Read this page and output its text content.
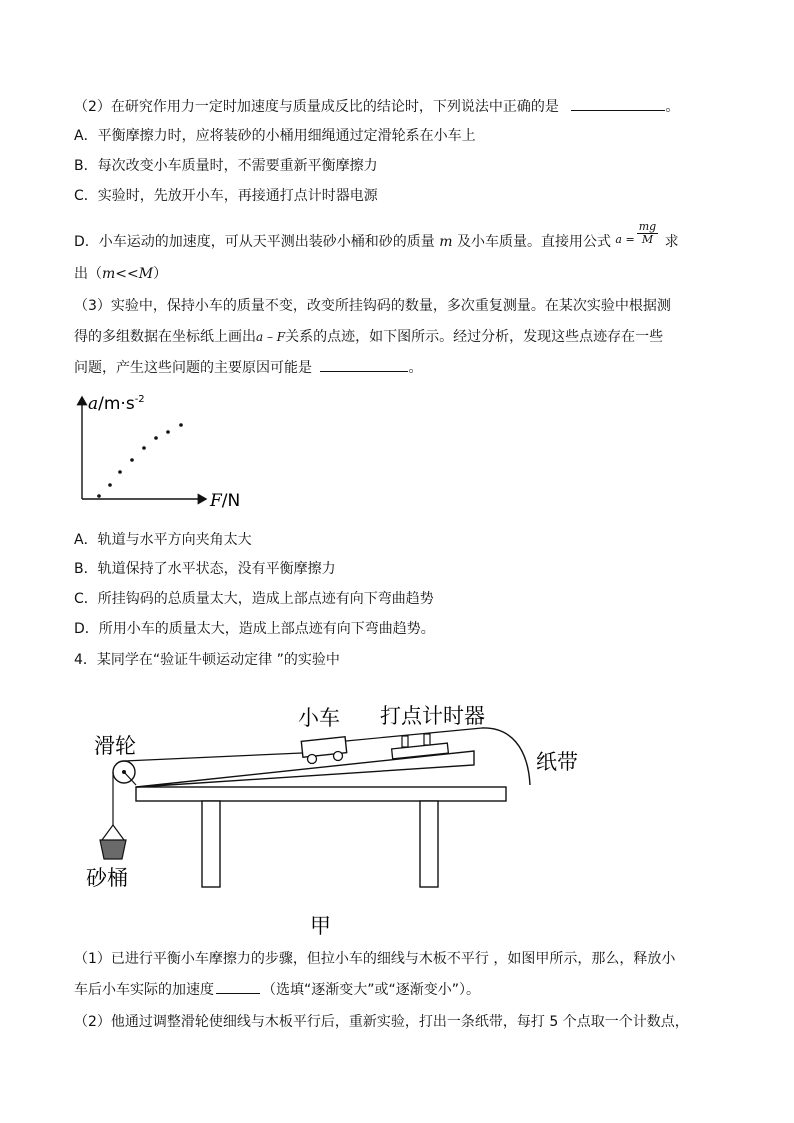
（2）在研究作用力一定时加速度与质量成反比的结论时，下列说法中正确的是	。
A．平衡摩擦力时，应将装砂的小桶用细绳通过定滑轮系在小车上
B．每次改变小车质量时，不需要重新平衡摩擦力
C．实验时，先放开小车，再接通打点计时器电源
D．小车运动的加速度，可从天平测出装砂小桶和砂的质量 m 及小车质量。直接用公式 $^{a =} \frac{mg}{M}$ 求
出（m<<M）
（3）实验中，保持小车的质量不变，改变所挂钩码的数量，多次重复测量。在某次实验中根据测
得的多组数据在坐标纸上画出a – F关系的点迹，如下图所示。经过分析，发现这些点迹存在一些
问题，产生这些问题的主要原因可能是	。
$a/m\cdot s^{-2}$
F/N
A．轨道与水平方向夹角太大
B．轨道保持了水平状态，没有平衡摩擦力
C．所挂钩码的总质量太大，造成上部点迹有向下弯曲趋势
D．所用小车的质量太大，造成上部点迹有向下弯曲趋势。
4．某同学在“验证牛顿运动定律 ”的实验中
滑轮
小车 打点计时器
纸带
砂桶
甲
（1）已进行平衡小车摩擦力的步骤，但拉小车的细线与木板不平行 ，如图甲所示，那么，释放小
车后小车实际的加速度	（选填“逐渐变大”或“逐渐变小”）。
（2）他通过调整滑轮使细线与木板平行后，重新实验，打出一条纸带，每打 5 个点取一个计数点，
